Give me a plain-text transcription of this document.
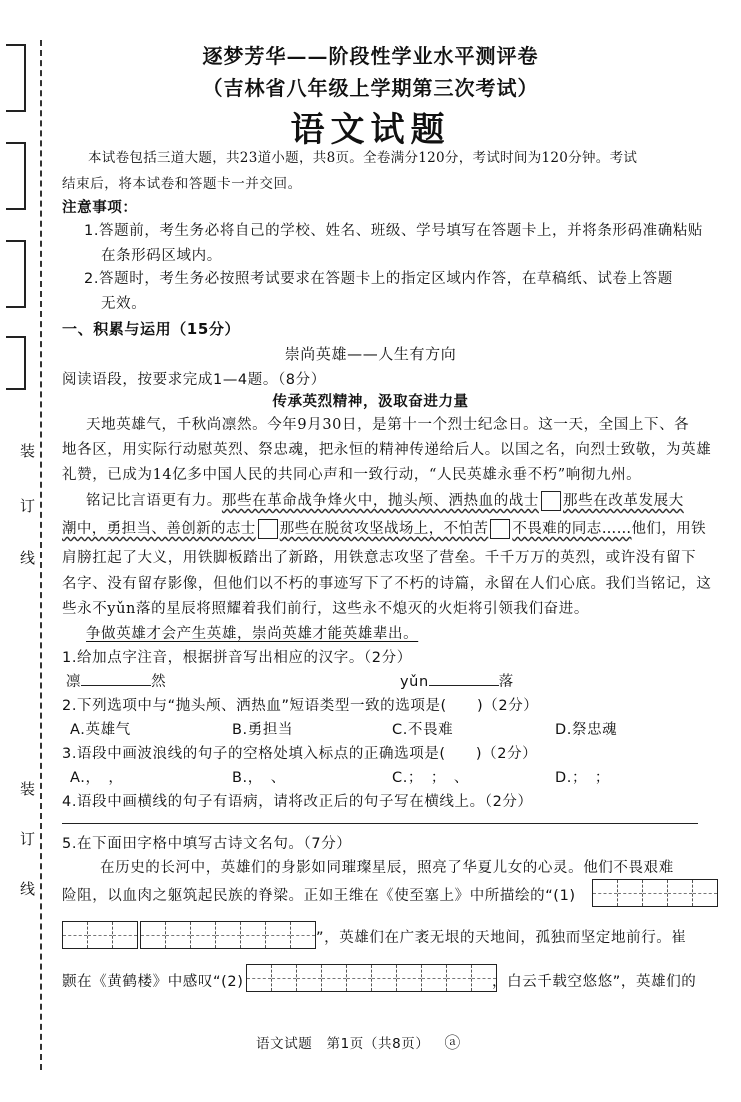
装
订
线
装
订
线
逐梦芳华——阶段性学业水平测评卷
（吉林省八年级上学期第三次考试）
语文试题
本试卷包括三道大题，共23道小题，共8页。全卷满分120分，考试时间为120分钟。考试
结束后，将本试卷和答题卡一并交回。
注意事项：
1.答题前，考生务必将自己的学校、姓名、班级、学号填写在答题卡上，并将条形码准确粘贴
在条形码区域内。
2.答题时，考生务必按照考试要求在答题卡上的指定区域内作答，在草稿纸、试卷上答题
无效。
一、积累与运用（15分）
崇尚英雄——人生有方向
阅读语段，按要求完成1—4题。（8分）
传承英烈精神，汲取奋进力量
天地英雄气，千秋尚凛然。今年9月30日，是第十一个烈士纪念日。这一天，全国上下、各
地各区，用实际行动慰英烈、祭忠魂，把永恒的精神传递给后人。以国之名，向烈士致敬，为英雄
礼赞，已成为14亿多中国人民的共同心声和一致行动，“人民英雄永垂不朽”响彻九州。
铭记比言语更有力。那些在革命战争烽火中，抛头颅、洒热血的战士 那些在改革发展大
潮中，勇担当、善创新的志士 那些在脱贫攻坚战场上，不怕苦 不畏难的同志……他们，用铁
肩膀扛起了大义，用铁脚板踏出了新路，用铁意志攻坚了营垒。千千万万的英烈，或许没有留下
名字、没有留存影像，但他们以不朽的事迹写下了不朽的诗篇，永留在人们心底。我们当铭记，这
些永不yǔn落的星辰将照耀着我们前行，这些永不熄灭的火炬将引领我们奋进。
争做英雄才会产生英雄，崇尚英雄才能英雄辈出。
1.给加点字注音，根据拼音写出相应的汉字。（2分）
凛	然	yǔn	落
2.下列选项中与“抛头颅、洒热血”短语类型一致的选项是(　　)（2分）
A.英雄气	B.勇担当	C.不畏难	D.祭忠魂
3.语段中画波浪线的句子的空格处填入标点的正确选项是(　　)（2分）
A.，　，	B.，　、	C.；　；　、	D.；　；
4.语段中画横线的句子有语病，请将改正后的句子写在横线上。（2分）
5.在下面田字格中填写古诗文名句。（7分）
在历史的长河中，英雄们的身影如同璀璨星辰，照亮了华夏儿女的心灵。他们不畏艰难
险阻，以血肉之躯筑起民族的脊梁。正如王维在《使至塞上》中所描绘的“(1)
”，英雄们在广袤无垠的天地间，孤独而坚定地前行。崔
颢在《黄鹤楼》中感叹“(2)	，白云千载空悠悠”，英雄们的
语文试题　第1页（共8页） ⓐ
